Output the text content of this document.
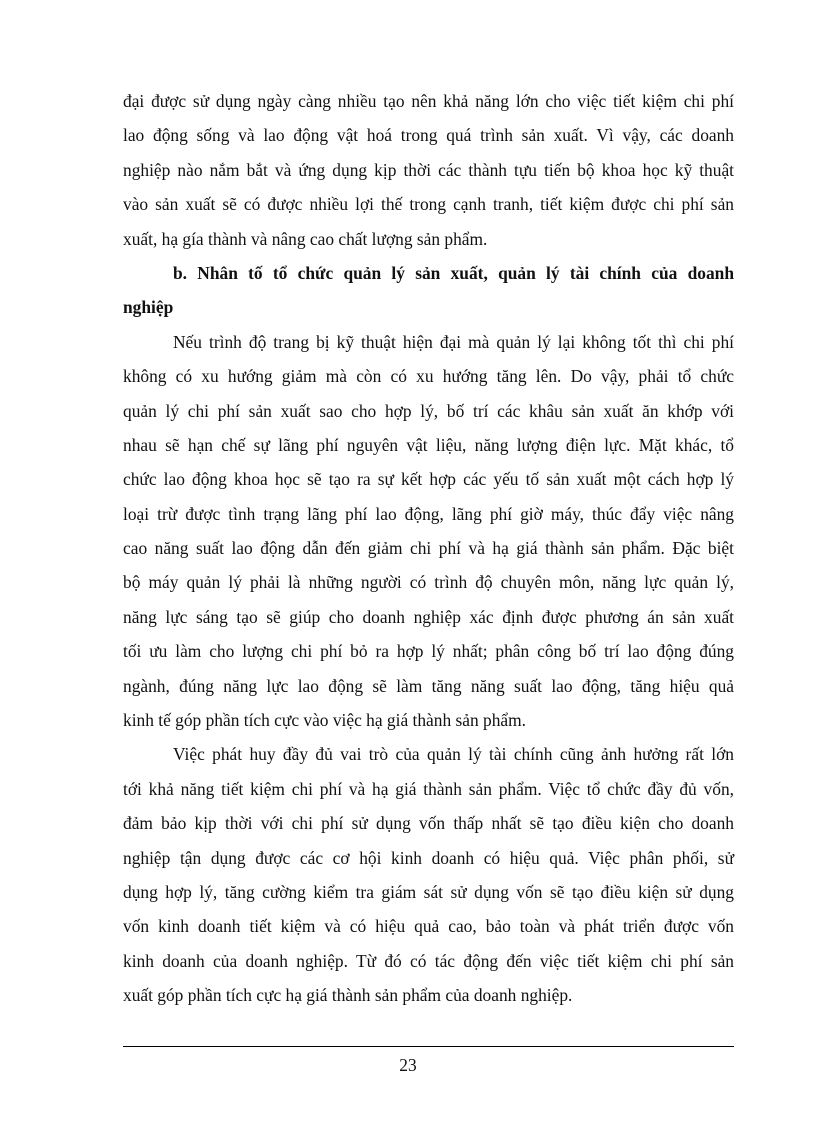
đại được sử dụng ngày càng nhiều tạo nên khả năng lớn cho việc tiết kiệm chi phí
lao động sống và lao động vật hoá trong quá trình sản xuất. Vì vậy, các doanh
nghiệp nào nắm bắt và ứng dụng kịp thời các thành tựu tiến bộ khoa học kỹ thuật
vào sản xuất sẽ có được nhiều lợi thế trong cạnh tranh, tiết kiệm được chi phí sản
xuất, hạ gía thành và nâng cao chất lượng sản phẩm.
b. Nhân tố tổ chức quản lý sản xuất, quản lý tài chính của doanh
nghiệp
Nếu trình độ trang bị kỹ thuật hiện đại mà quản lý lại không tốt thì chi phí
không có xu hướng giảm mà còn có xu hướng tăng lên. Do vậy, phải tổ chức
quản lý chi phí sản xuất sao cho hợp lý, bố trí các khâu sản xuất ăn khớp với
nhau sẽ hạn chế sự lãng phí nguyên vật liệu, năng lượng điện lực. Mặt khác, tổ
chức lao động khoa học sẽ tạo ra sự kết hợp các yếu tố sản xuất một cách hợp lý
loại trừ được tình trạng lãng phí lao động, lãng phí giờ máy, thúc đẩy việc nâng
cao năng suất lao động dẫn đến giảm chi phí và hạ giá thành sản phẩm. Đặc biệt
bộ máy quản lý phải là những người có trình độ chuyên môn, năng lực quản lý,
năng lực sáng tạo sẽ giúp cho doanh nghiệp xác định được phương án sản xuất
tối ưu làm cho lượng chi phí bỏ ra hợp lý nhất; phân công bố trí lao động đúng
ngành, đúng năng lực lao động sẽ làm tăng năng suất lao động, tăng hiệu quả
kinh tế góp phần tích cực vào việc hạ giá thành sản phẩm.
Việc phát huy đầy đủ vai trò của quản lý tài chính cũng ảnh hưởng rất lớn
tới khả năng tiết kiệm chi phí và hạ giá thành sản phẩm. Việc tổ chức đầy đủ vốn,
đảm bảo kịp thời với chi phí sử dụng vốn thấp nhất sẽ tạo điều kiện cho doanh
nghiệp tận dụng được các cơ hội kinh doanh có hiệu quả. Việc phân phối, sử
dụng hợp lý, tăng cường kiểm tra giám sát sử dụng vốn sẽ tạo điều kiện sử dụng
vốn kinh doanh tiết kiệm và có hiệu quả cao, bảo toàn và phát triển được vốn
kinh doanh của doanh nghiệp. Từ đó có tác động đến việc tiết kiệm chi phí sản
xuất góp phần tích cực hạ giá thành sản phẩm của doanh nghiệp.
23
